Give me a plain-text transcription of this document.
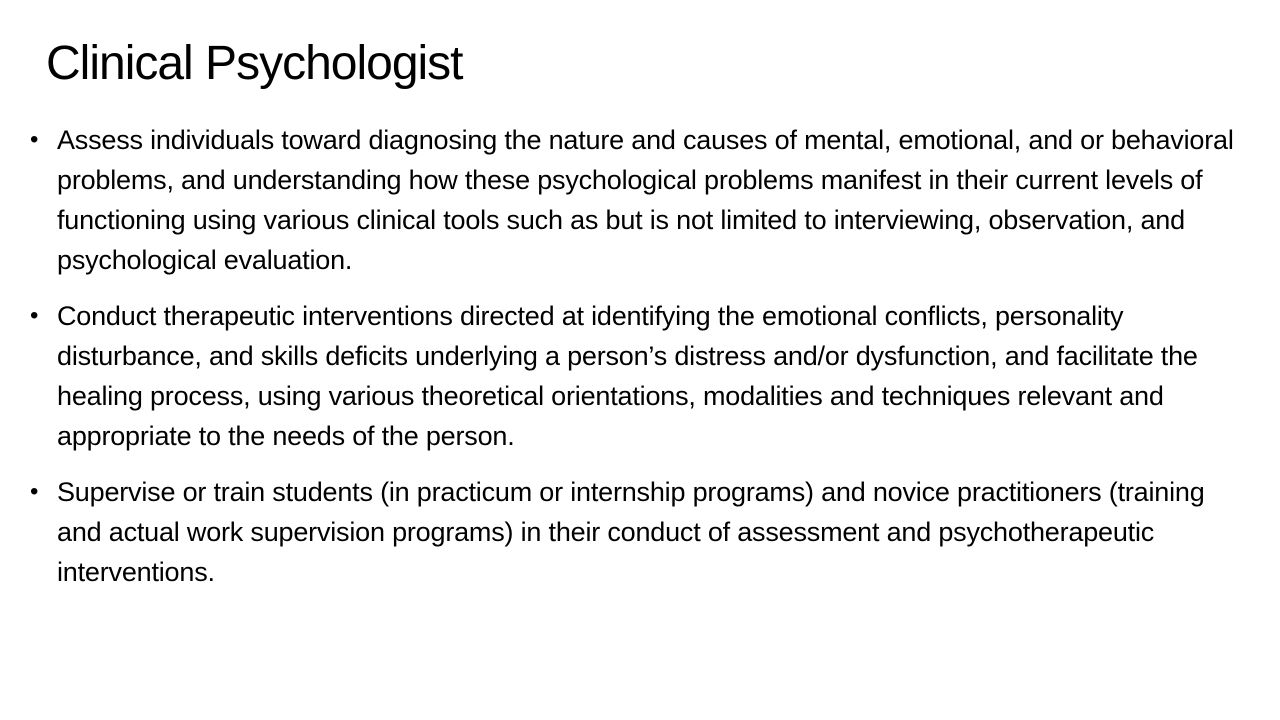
Clinical Psychologist
• Assess individuals toward diagnosing the nature and causes of mental, emotional, and or behavioral problems, and understanding how these psychological problems manifest in their current levels of functioning using various clinical tools such as but is not limited to interviewing, observation, and psychological evaluation.
• Conduct therapeutic interventions directed at identifying the emotional conflicts, personality disturbance, and skills deficits underlying a person’s distress and/or dysfunction, and facilitate the healing process, using various theoretical orientations, modalities and techniques relevant and appropriate to the needs of the person.
• Supervise or train students (in practicum or internship programs) and novice practitioners (training and actual work supervision programs) in their conduct of assessment and psychotherapeutic interventions.
